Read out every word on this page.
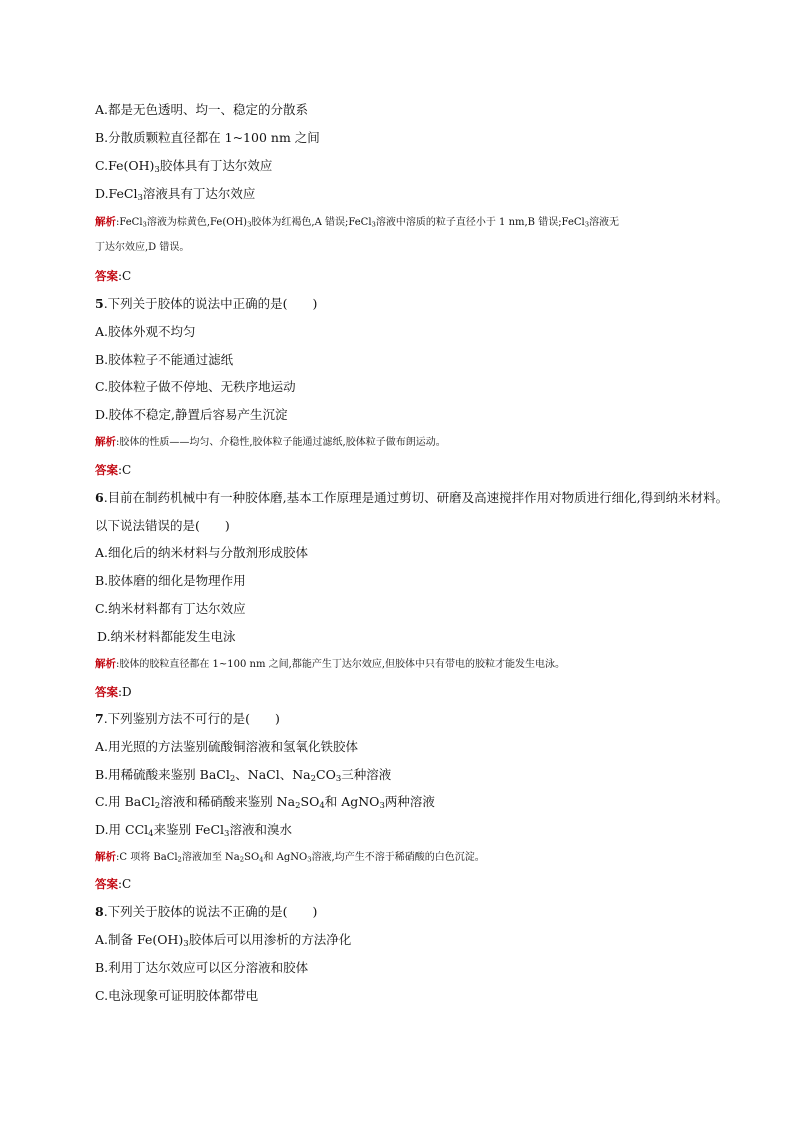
A.都是无色透明、均一、稳定的分散系
B.分散质颗粒直径都在 1~100 nm 之间
$C.Fe(OH)_3$胶体具有丁达尔效应
D.FeCl$_3$溶液具有丁达尔效应
解析:FeCl$_3$溶液为棕黄色$,Fe(OH)_3$胶体为红褐色,A 错误;FeCl$_3$溶液中溶质的粒子直径小于 1 nm,B 错误;FeCl$_3$溶液无
丁达尔效应,D 错误。
答案:C
5.下列关于胶体的说法中正确的是(　　)
A.胶体外观不均匀
B.胶体粒子不能通过滤纸
C.胶体粒子做不停地、无秩序地运动
D.胶体不稳定,静置后容易产生沉淀
解析:胶体的性质——均匀、介稳性,胶体粒子能通过滤纸,胶体粒子做布朗运动。
答案:C
6.目前在制药机械中有一种胶体磨,基本工作原理是通过剪切、研磨及高速搅拌作用对物质进行细化,得到纳米材料。
以下说法错误的是(　　)
A.细化后的纳米材料与分散剂形成胶体
B.胶体磨的细化是物理作用
C.纳米材料都有丁达尔效应
D.纳米材料都能发生电泳
解析:胶体的胶粒直径都在 1~100 nm 之间,都能产生丁达尔效应,但胶体中只有带电的胶粒才能发生电泳。
答案:D
7.下列鉴别方法不可行的是(　　)
A.用光照的方法鉴别硫酸铜溶液和氢氧化铁胶体
B.用稀硫酸来鉴别 BaCl$_2$、NaCl、$Na_2CO_3$三种溶液
C.用 BaCl$_2$溶液和稀硝酸来鉴别 $Na_2SO_4$和 AgNO$_3$两种溶液
D.用 CCl$_4$来鉴别 FeCl$_3$溶液和溴水
解析:C 项将 BaCl$_2$溶液加至 $Na_2SO_4$和 AgNO$_3$溶液,均产生不溶于稀硝酸的白色沉淀。
答案:C
8.下列关于胶体的说法不正确的是(　　)
A.制备 $Fe(OH)_3$胶体后可以用渗析的方法净化
B.利用丁达尔效应可以区分溶液和胶体
C.电泳现象可证明胶体都带电
